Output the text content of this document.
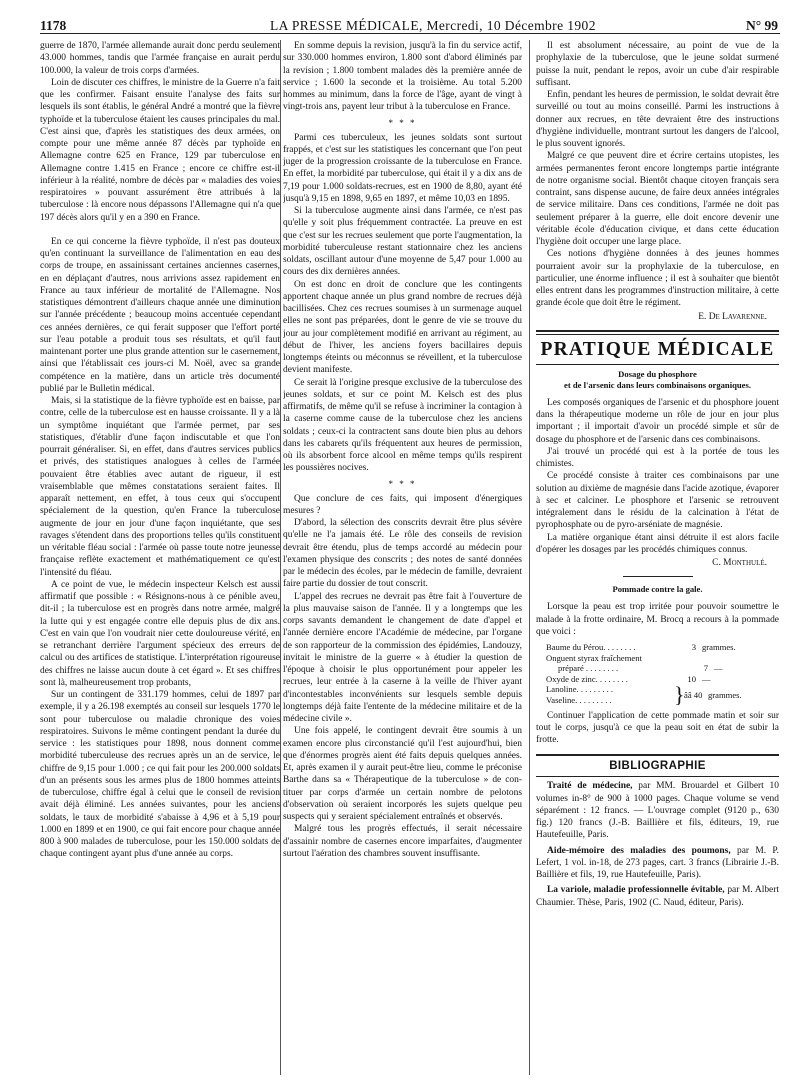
1178	LA PRESSE MÉDICALE, Mercredi, 10 Décembre 1902	N° 99

guerre de 1870, l'armée allemande aurait donc perdu seulement 43.000 hommes, tandis que l'armée française en aurait perdu 100.000, la valeur de trois corps d'armées.

Loin de discuter ces chiffres, le ministre de la Guerre n'a fait que les confirmer. Faisant ensuite l'analyse des faits sur lesquels ils sont établis, le général André a montré que la fièvre typhoïde et la tuberculose étaient les causes principales du mal. C'est ainsi que, d'après les statistiques des deux armées, on compte pour une même année 87 décès par typhoïde en Allemagne contre 625 en France, 129 par tuberculose en Allemagne contre 1.415 en France ; encore ce chiffre est-il inférieur à la réalité, nombre de décès par « maladies des voies respiratoires » pouvant assurément être attribués à la tuberculose : là encore nous dépassons l'Allemagne qui n'a que 197 décès alors qu'il y en a 390 en France.

En ce qui concerne la fièvre typhoïde, il n'est pas douteux qu'en continuant la surveillance de l'alimentation en eau des corps de troupe, en assainissant certaines anciennes casernes, en en déplaçant d'autres, nous arrivions assez rapidement en France au taux inférieur de mortalité de l'Allemagne. Nos statistiques démontrent d'ailleurs chaque année une diminution sur l'année précédente ; beaucoup moins accentuée cependant ces années dernières, ce qui ferait supposer que l'effort porté sur l'eau potable a produit tous ses résultats, et qu'il faut maintenant porter une plus grande attention sur le casernement, ainsi que l'établissait ces jours-ci M. Noël, avec sa grande compétence en la matière, dans un article très documenté publié par le Bulletin médical.

Mais, si la statistique de la fièvre typhoïde est en baisse, par contre, celle de la tuberculose est en hausse croissante. Il y a là un symptôme inquiétant que l'armée permet, par ses statistiques, d'établir d'une façon indiscutable et que l'on pourrait généraliser. Si, en effet, dans d'autres services publics et privés, des statistiques analogues à celles de l'armée pouvaient être établies avec autant de rigueur, il est vraisemblable que mêmes constatations seraient faites. Il apparaît nettement, en effet, à tous ceux qui s'occupent spécialement de la question, qu'en France la tuberculose augmente de jour en jour d'une façon inquiétante, que ses ravages s'étendent dans des proportions telles qu'ils constituent un véritable fléau social : l'armée où passe toute notre jeunesse française reflète exactement et mathématiquement ce qu'est l'intensité du fléau.

A ce point de vue, le médecin inspecteur Kelsch est aussi affirmatif que possible : « Résignons-nous à ce pénible aveu, dit-il ; la tuberculose est en progrès dans notre armée, malgré la lutte qui y est engagée contre elle depuis plus de dix ans. C'est en vain que l'on voudrait nier cette douloureuse vérité, en se retranchant derrière l'argument spécieux des erreurs de calcul ou des artifices de statistique. L'interprétation rigoureuse des chiffres ne laisse aucun doute à cet égard ». Et ses chiffres sont là, malheureusement trop probants,

Sur un contingent de 331.179 hommes, celui de 1897 par exemple, il y a 26.198 exemptés au conseil sur lesquels 1770 le sont pour tuberculose ou maladie chronique des voies respiratoires. Suivons le même contingent pendant la durée du service : les statistiques pour 1898, nous donnent comme morbidité tuberculeuse des recrues après un an de service, le chiffre de 9,15 pour 1.000 ; ce qui fait pour les 200.000 soldats d'un an présents sous les armes plus de 1800 hommes atteints de tuberculose, chiffre égal à celui que le conseil de revision avait déjà éliminé. Les années suivantes, pour les anciens soldats, le taux de morbidité s'abaisse à 4,96 et à 5,19 pour 1.000 en 1899 et en 1900, ce qui fait encore pour chaque année 800 à 900 malades de tuberculose, pour les 150.000 soldats de chaque contingent ayant plus d'une année au corps.

En somme depuis la revision, jusqu'à la fin du service actif, sur 330.000 hommes environ, 1.800 sont d'abord éliminés par la revision ; 1.800 tombent malades dès la première année de service ; 1.600 la seconde et la troisième. Au total 5.200 hommes au minimum, dans la force de l'âge, ayant de vingt à vingt-trois ans, payent leur tribut à la tuberculose en France.

* * *

Parmi ces tuberculeux, les jeunes soldats sont surtout frappés, et c'est sur les statistiques les concernant que l'on peut juger de la progression croissante de la tuberculose en France. En effet, la morbidité par tuberculose, qui était il y a dix ans de 7,19 pour 1.000 soldats-recrues, est en 1900 de 8,80, ayant été jusqu'à 9,15 en 1898, 9,65 en 1897, et même 10,03 en 1895.

Si la tuberculose augmente ainsi dans l'armée, ce n'est pas qu'elle y soit plus fréquemment contractée. La preuve en est que c'est sur les recrues seulement que porte l'augmentation, la morbidité tuberculeuse restant stationnaire chez les anciens soldats, oscillant autour d'une moyenne de 5,47 pour 1.000 au cours des dix dernières années.

On est donc en droit de conclure que les contingents apportent chaque année un plus grand nombre de recrues déjà bacillisées. Chez ces recrues soumises à un surmenage auquel elles ne sont pas préparées, dont le genre de vie se trouve du jour au jour complètement modifié en arrivant au régiment, au début de l'hiver, les anciens foyers bacillaires depuis longtemps éteints ou méconnus se réveillent, et la tuberculose devient manifeste.

Ce serait là l'origine presque exclusive de la tuberculose des jeunes soldats, et sur ce point M. Kelsch est des plus affirmatifs, de même qu'il se refuse à incriminer la contagion à la caserne comme cause de la tuberculose chez les anciens soldats ; ceux-ci la contractent sans doute bien plus au dehors dans les cabarets qu'ils fréquentent aux heures de permission, où ils absorbent force alcool en même temps qu'ils respirent les poussières nocives.

* * *

Que conclure de ces faits, qui imposent d'énergiques mesures ?

D'abord, la sélection des conscrits devrait être plus sévère qu'elle ne l'a jamais été. Le rôle des conseils de revision devrait être étendu, plus de temps accordé au médecin pour l'examen physique des conscrits ; des notes de santé données par le médecin des écoles, par le médecin de famille, devraient faire partie du dossier de tout conscrit.

L'appel des recrues ne devrait pas être fait à l'ouverture de la plus mauvaise saison de l'année. Il y a longtemps que les corps savants demandent le changement de date d'appel et l'année dernière encore l'Académie de médecine, par l'organe de son rapporteur de la commission des épidémies, Landouzy, invitait le ministre de la guerre « à étudier la question de l'époque à choisir le plus opportunément pour appeler les recrues, leur entrée à la caserne à la veille de l'hiver ayant d'incontestables inconvénients sur lesquels semble depuis longtemps déjà faite l'entente de la médecine militaire et de la médecine civile ».

Une fois appelé, le contingent devrait être soumis à un examen encore plus circonstancié qu'il l'est aujourd'hui, bien que d'énormes progrès aient été faits depuis quelques années. Et, après examen il y aurait peut-être lieu, comme le préconise Barthe dans sa « Thérapeutique de la tuberculose » de con-tituer par corps d'armée un certain nombre de pelotons d'observation où seraient incorporés les sujets quelque peu suspects qui y seraient spécialement entraînés et observés.

Malgré tous les progrès effectués, il serait nécessaire d'assainir nombre de casernes encore imparfaites, d'augmenter surtout l'aération des chambres souvent insuffisante.

Il est absolument nécessaire, au point de vue de la prophylaxie de la tuberculose, que le jeune soldat surmené puisse la nuit, pendant le repos, avoir un cube d'air respirable suffisant.

Enfin, pendant les heures de permission, le soldat devrait être surveillé ou tout au moins conseillé. Parmi les instructions à donner aux recrues, en tête devraient être des instructions d'hygiène individuelle, montrant surtout les dangers de l'alcool, le plus souvent ignorés.

Malgré ce que peuvent dire et écrire certains utopistes, les armées permanentes feront encore longtemps partie intégrante de notre organisme social. Bientôt chaque citoyen français sera contraint, sans dispense aucune, de faire deux années intégrales de service militaire. Dans ces conditions, l'armée ne doit pas seulement préparer à la guerre, elle doit encore devenir une véritable école d'éducation civique, et dans cette éducation l'hygiène doit occuper une large place.

Ces notions d'hygiène données à des jeunes hommes pourraient avoir sur la prophylaxie de la tuberculose, en particulier, une énorme influence ; il est à souhaiter que bientôt elles entrent dans les programmes d'instruction militaire, à cette grande école que doit être le régiment.

E. De Lavarenne.
PRATIQUE MÉDICALE
Dosage du phosphore
et de l'arsenic dans leurs combinaisons organiques.

Les composés organiques de l'arsenic et du phosphore jouent dans la thérapeutique moderne un rôle de jour en jour plus important ; il importait d'avoir un procédé simple et sûr de dosage du phosphore et de l'arsenic dans ces combinaisons.

J'ai trouvé un procédé qui est à la portée de tous les chimistes.

Ce procédé consiste à traiter ces combinaisons par une solution au dixième de magnésie dans l'acide azotique, évaporer à sec et calciner. Le phosphore et l'arsenic se retrouvent intégralement dans le résidu de la calcination à l'état de pyrophosphate ou de pyro-arséniate de magnésie.

La matière organique étant ainsi détruite il est alors facile d'opérer les dosages par les procédés chimiques connus.

C. Monthulé.
Pommade contre la gale.

Lorsque la peau est trop irritée pour pouvoir soumettre le malade à la frotte ordinaire, M. Brocq a recours à la pommade que voici :

Baume du Pérou. . . . . . . .	3 grammes.
Onguent styrax fraîchement
préparé . . . . . . . .	7 —
Oxyde de zinc. . . . . . . .	10 —
Lanoline. . . . . . . . .
Vaseline. . . . . . . . .	} ââ 40 grammes.

Continuer l'application de cette pommade matin et soir sur tout le corps, jusqu'à ce que la peau soit en état de subir la frotte.

BIBLIOGRAPHIE

Traité de médecine, par MM. Brouardel et Gilbert 10 volumes in-8° de 900 à 1000 pages. Chaque volume se vend séparément : 12 francs. — L'ouvrage complet (9120 p., 630 fig.) 120 francs (J.-B. Baillière et fils, éditeurs, 19, rue Hautefeuille, Paris.

Aide-mémoire des maladies des poumons, par M. P. Lefert, 1 vol. in-18, de 273 pages, cart. 3 francs (Librairie J.-B. Baillière et fils, 19, rue Hautefeuille, Paris).

La variole, maladie professionnelle évitable, par M. Albert Chaumier. Thèse, Paris, 1902 (C. Naud, éditeur, Paris).
